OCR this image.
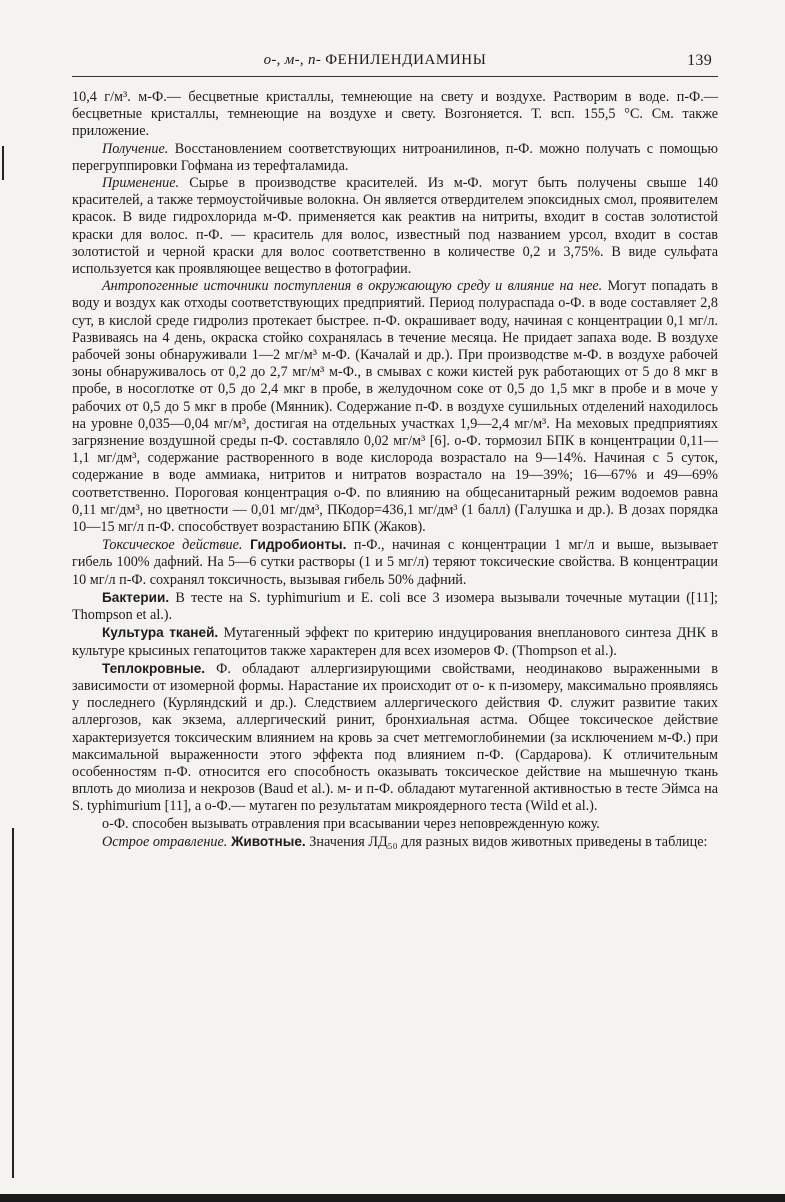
о-, м-, п- ФЕНИЛЕНДИАМИНЫ	139

10,4 г/м³. м-Ф.— бесцветные кристаллы, темнеющие на свету и воздухе. Растворим в воде. п-Ф.— бесцветные кристаллы, темнеющие на воздухе и свету. Возгоняется. Т. всп. 155,5 °С. См. также приложение.

Получение. Восстановлением соответствующих нитроанилинов, п-Ф. можно получать с помощью перегруппировки Гофмана из терефталамида.

Применение. Сырье в производстве красителей. Из м-Ф. могут быть получены свыше 140 красителей, а также термоустойчивые волокна. Он является отвердителем эпоксидных смол, проявителем красок. В виде гидрохлорида м-Ф. применяется как реактив на нитриты, входит в состав золотистой краски для волос. п-Ф. — краситель для волос, известный под названием урсол, входит в состав золотистой и черной краски для волос соответственно в количестве 0,2 и 3,75%. В виде сульфата используется как проявляющее вещество в фотографии.

Антропогенные источники поступления в окружающую среду и влияние на нее. Могут попадать в воду и воздух как отходы соответствующих предприятий. Период полураспада о-Ф. в воде составляет 2,8 сут, в кислой среде гидролиз протекает быстрее. п-Ф. окрашивает воду, начиная с концентрации 0,1 мг/л. Развиваясь на 4 день, окраска стойко сохранялась в течение месяца. Не придает запаха воде. В воздухе рабочей зоны обнаруживали 1—2 мг/м³ м-Ф. (Качалай и др.). При производстве м-Ф. в воздухе рабочей зоны обнаруживалось от 0,2 до 2,7 мг/м³ м-Ф., в смывах с кожи кистей рук работающих от 5 до 8 мкг в пробе, в носоглотке от 0,5 до 2,4 мкг в пробе, в желудочном соке от 0,5 до 1,5 мкг в пробе и в моче у рабочих от 0,5 до 5 мкг в пробе (Мянник). Содержание п-Ф. в воздухе сушильных отделений находилось на уровне 0,035—0,04 мг/м³, достигая на отдельных участках 1,9—2,4 мг/м³. На меховых предприятиях загрязнение воздушной среды п-Ф. составляло 0,02 мг/м³ [6]. о-Ф. тормозил БПК в концентрации 0,11—1,1 мг/дм³, содержание растворенного в воде кислорода возрастало на 9—14%. Начиная с 5 суток, содержание в воде аммиака, нитритов и нитратов возрастало на 19—39%; 16—67% и 49—69% соответственно. Пороговая концентрация о-Ф. по влиянию на общесанитарный режим водоемов равна 0,11 мг/дм³, но цветности — 0,01 мг/дм³, ПКодор=436,1 мг/дм³ (1 балл) (Галушка и др.). В дозах порядка 10—15 мг/л п-Ф. способствует возрастанию БПК (Жаков).

Токсическое действие. Гидробионты. п-Ф., начиная с концентрации 1 мг/л и выше, вызывает гибель 100% дафний. На 5—6 сутки растворы (1 и 5 мг/л) теряют токсические свойства. В концентрации 10 мг/л п-Ф. сохранял токсичность, вызывая гибель 50% дафний.

Бактерии. В тесте на S. typhimurium и E. coli все 3 изомера вызывали точечные мутации ([11]; Thompson et al.).

Культура тканей. Мутагенный эффект по критерию индуцирования внепланового синтеза ДНК в культуре крысиных гепатоцитов также характерен для всех изомеров Ф. (Thompson et al.).

Теплокровные. Ф. обладают аллергизирующими свойствами, неодинаково выраженными в зависимости от изомерной формы. Нарастание их происходит от о- к п-изомеру, максимально проявляясь у последнего (Курляндский и др.). Следствием аллергического действия Ф. служит развитие таких аллергозов, как экзема, аллергический ринит, бронхиальная астма. Общее токсическое действие характеризуется токсическим влиянием на кровь за счет метгемоглобинемии (за исключением м-Ф.) при максимальной выраженности этого эффекта под влиянием п-Ф. (Сардарова). К отличительным особенностям п-Ф. относится его способность оказывать токсическое действие на мышечную ткань вплоть до миолиза и некрозов (Baud et al.). м- и п-Ф. обладают мутагенной активностью в тесте Эймса на S. typhimurium [11], а о-Ф.— мутаген по результатам микроядерного теста (Wild et al.).

о-Ф. способен вызывать отравления при всасывании через неповрежденную кожу.

Острое отравление. Животные. Значения ЛД₅₀ для разных видов животных приведены в таблице:
